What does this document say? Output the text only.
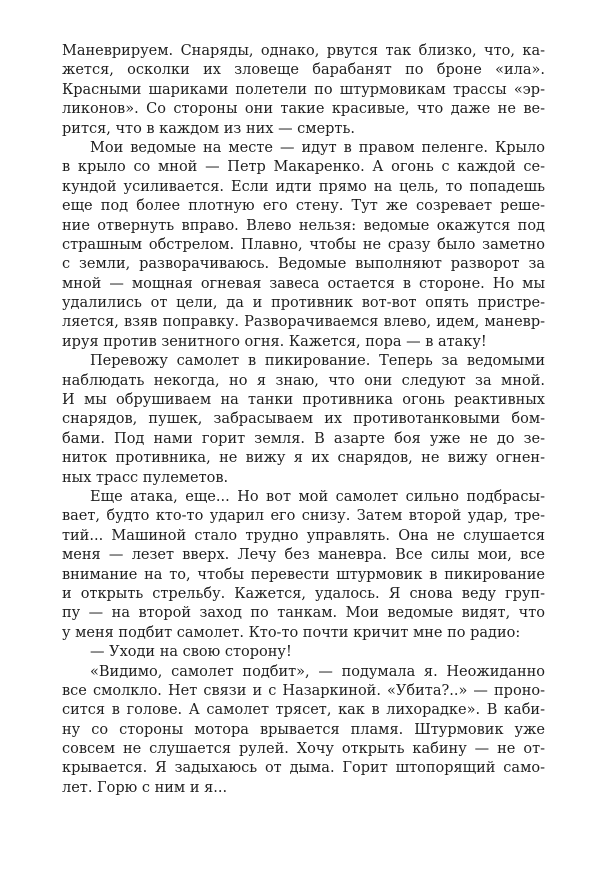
Маневрируем. Снаряды, однако, рвутся так близко, что, ка-
жется, осколки их зловеще барабанят по броне «ила».
Красными шариками полетели по штурмовикам трассы «эр-
ликонов». Со стороны они такие красивые, что даже не ве-
рится, что в каждом из них — смерть.
Мои ведомые на месте — идут в правом пеленге. Крыло
в крыло со мной — Петр Макаренко. А огонь с каждой се-
кундой усиливается. Если идти прямо на цель, то попадешь
еще под более плотную его стену. Тут же созревает реше-
ние отвернуть вправо. Влево нельзя: ведомые окажутся под
страшным обстрелом. Плавно, чтобы не сразу было заметно
с земли, разворачиваюсь. Ведомые выполняют разворот за
мной — мощная огневая завеса остается в стороне. Но мы
удалились от цели, да и противник вот-вот опять пристре-
ляется, взяв поправку. Разворачиваемся влево, идем, маневр-
ируя против зенитного огня. Кажется, пора — в атаку!
Перевожу самолет в пикирование. Теперь за ведомыми
наблюдать некогда, но я знаю, что они следуют за мной.
И мы обрушиваем на танки противника огонь реактивных
снарядов, пушек, забрасываем их противотанковыми бом-
бами. Под нами горит земля. В азарте боя уже не до зе-
ниток противника, не вижу я их снарядов, не вижу огнен-
ных трасс пулеметов.
Еще атака, еще... Но вот мой самолет сильно подбрасы-
вает, будто кто-то ударил его снизу. Затем второй удар, тре-
тий... Машиной стало трудно управлять. Она не слушается
меня — лезет вверх. Лечу без маневра. Все силы мои, все
внимание на то, чтобы перевести штурмовик в пикирование
и открыть стрельбу. Кажется, удалось. Я снова веду груп-
пу — на второй заход по танкам. Мои ведомые видят, что
у меня подбит самолет. Кто-то почти кричит мне по радио:
— Уходи на свою сторону!
«Видимо, самолет подбит», — подумала я. Неожиданно
все смолкло. Нет связи и с Назаркиной. «Убита?..» — проно-
сится в голове. А самолет трясет, как в лихорадке». В каби-
ну со стороны мотора врывается пламя. Штурмовик уже
совсем не слушается рулей. Хочу открыть кабину — не от-
крывается. Я задыхаюсь от дыма. Горит штопорящий само-
лет. Горю с ним и я...
